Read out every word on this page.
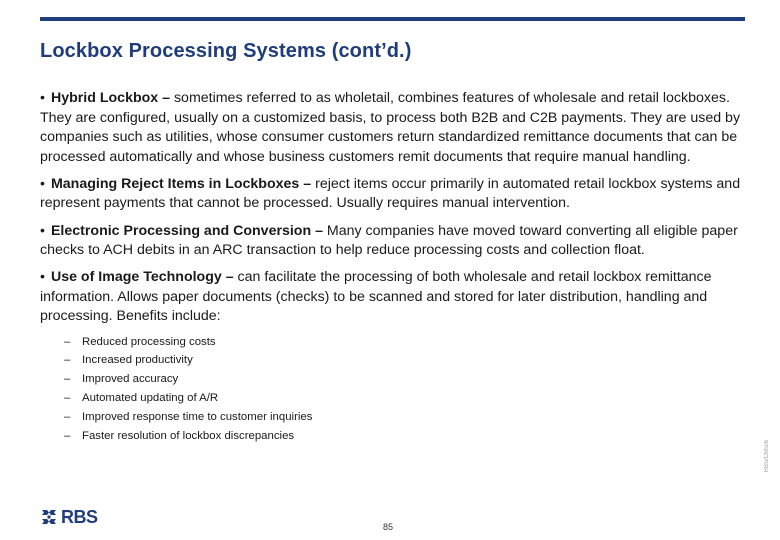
Lockbox Processing Systems (cont’d.)

• Hybrid Lockbox – sometimes referred to as wholetail, combines features of wholesale and retail lockboxes. They are configured, usually on a customized basis, to process both B2B and C2B payments. They are used by companies such as utilities, whose consumer customers return standardized remittance documents that can be processed automatically and whose business customers remit documents that require manual handling.

• Managing Reject Items in Lockboxes – reject items occur primarily in automated retail lockbox systems and represent payments that cannot be processed. Usually requires manual intervention.

• Electronic Processing and Conversion – Many companies have moved toward converting all eligible paper checks to ACH debits in an ARC transaction to help reduce processing costs and collection float.

• Use of Image Technology – can facilitate the processing of both wholesale and retail lockbox remittance information. Allows paper documents (checks) to be scanned and stored for later distribution, handling and processing. Benefits include:

– Reduced processing costs
– Increased productivity
– Improved accuracy
– Automated updating of A/R
– Improved response time to customer inquiries
– Faster resolution of lockbox discrepancies
RBS/CMS/6
RBS
85
